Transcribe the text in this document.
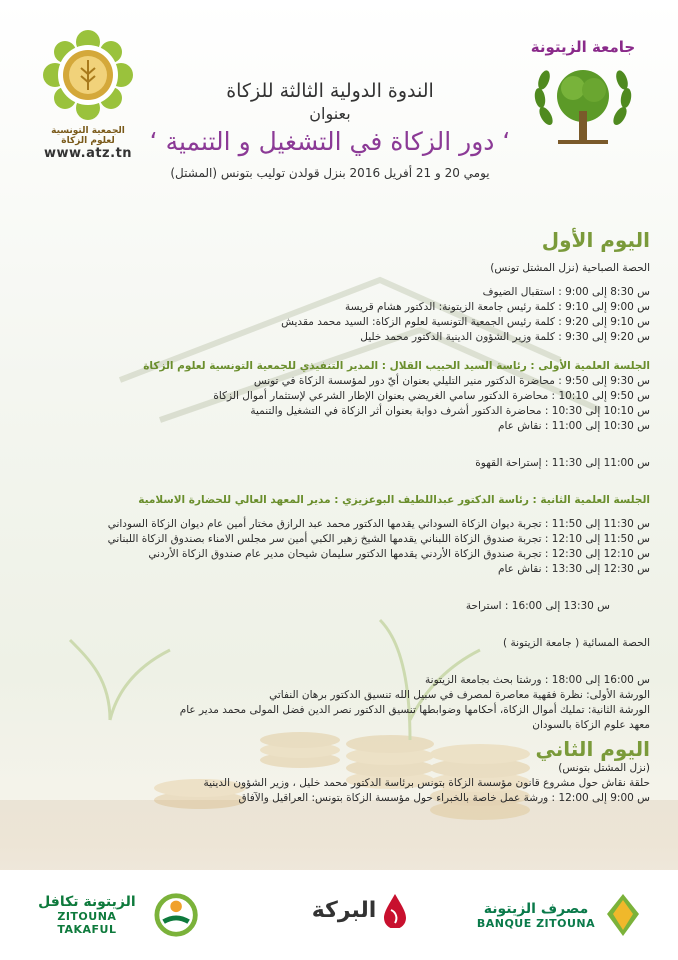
الجمعية التونسية لعلوم الزكاة
www.atz.tn
جامعة الزيتونة
الندوة الدولية الثالثة للزكاة
بعنوان
‘ دور الزكاة في التشغيل و التنمية ‘
يومي 20 و 21 أفريل 2016 بنزل قولدن توليب بتونس (المشتل)
اليوم الأول
الحصة الصباحية (نزل المشتل تونس)
س 8:30 إلى 9:00 : استقبال الضيوف
س 9:00 إلى 9:10 : كلمة رئيس جامعة الزيتونة: الدكتور هشام قريسة
س 9:10 إلى 9:20 : كلمة رئيس الجمعية التونسية لعلوم الزكاة: السيد محمد مقديش
س 9:20 إلى 9:30 : كلمة وزير الشؤون الدينية الدكتور محمد خليل
الجلسة العلمية الأولى : رئاسة السيد الحبيب القلال : المدير التنفيذي للجمعية التونسية لعلوم الزكاة
س 9:30 إلى 9:50 : محاضرة الدكتور منير التليلي بعنوان أيّ دور لمؤسسة الزكاة في تونس
س 9:50 إلى 10:10 : محاضرة الدكتور سامي الغريضي بعنوان الإطار الشرعي لإستثمار أموال الزكاة
س 10:10 إلى 10:30 : محاضرة الدكتور أشرف دوابة بعنوان أثر الزكاة في التشغيل والتنمية
س 10:30 إلى 11:00 : نقاش عام
س 11:00 إلى 11:30 : إستراحة القهوة
الجلسة العلمية الثانية : رئاسة الدكتور عبداللطيف البوعزيزي : مدير المعهد العالي للحضارة الاسلامية
س 11:30 إلى 11:50 : تجربة ديوان الزكاة السوداني يقدمها الدكتور محمد عبد الرازق مختار أمين عام ديوان الزكاة السوداني
س 11:50 إلى 12:10 : تجربة صندوق الزكاة اللبناني يقدمها الشيخ زهير الكبي أمين سر مجلس الامناء بصندوق الزكاة اللبناني
س 12:10 إلى 12:30 : تجربة صندوق الزكاة الأردني يقدمها الدكتور سليمان شيحان مدير عام صندوق الزكاة الأردني
س 12:30 إلى 13:30 : نقاش عام
س 13:30 إلى 16:00 : استراحة
الحصة المسائية ( جامعة الزيتونة )
س 16:00 إلى 18:00 : ورشتا بحث بجامعة الزيتونة
الورشة الأولى: نظرة فقهية معاصرة لمصرف في سبيل الله تنسيق الدكتور برهان النفاتي
الورشة الثانية: تمليك أموال الزكاة، أحكامها وضوابطها تنسيق الدكتور نصر الدين فضل المولى محمد مدير عام
معهد علوم الزكاة بالسودان
اليوم الثاني
(نزل المشتل بتونس)
حلقة نقاش حول مشروع قانون مؤسسة الزكاة بتونس برئاسة الدكتور محمد خليل ، وزير الشؤون الدينية
س 9:00 إلى 12:00 : ورشة عمل خاصة بالخبراء حول مؤسسة الزكاة بتونس: العراقيل والآفاق
الزيتونة تكافل
ZITOUNA TAKAFUL
البركة	مصرف الزيتونة
BANQUE ZITOUNA
